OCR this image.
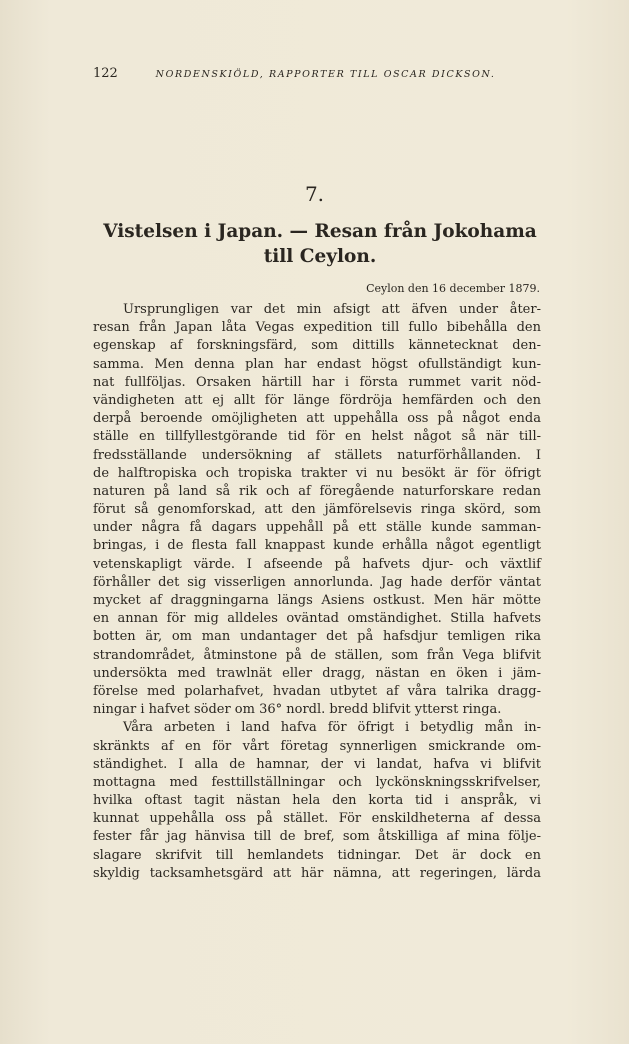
122	NORDENSKIÖLD, RAPPORTER TILL OSCAR DICKSON.
7.
Vistelsen i Japan. — Resan från Jokohama
till Ceylon.
Ceylon den 16 december 1879.
Ursprungligen var det min afsigt att äfven under åter-
resan från Japan låta Vegas expedition till fullo bibehålla den
egenskap af forskningsfärd, som dittills kännetecknat den-
samma. Men denna plan har endast högst ofullständigt kun-
nat fullföljas. Orsaken härtill har i första rummet varit nöd-
vändigheten att ej allt för länge fördröja hemfärden och den
derpå beroende omöjligheten att uppehålla oss på något enda
ställe en tillfyllestgörande tid för en helst något så när till-
fredsställande undersökning af ställets naturförhållanden. I
de halftropiska och tropiska trakter vi nu besökt är för öfrigt
naturen på land så rik och af föregående naturforskare redan
förut så genomforskad, att den jämförelsevis ringa skörd, som
under några få dagars uppehåll på ett ställe kunde samman-
bringas, i de flesta fall knappast kunde erhålla något egentligt
vetenskapligt värde. I afseende på hafvets djur- och växtlif
förhåller det sig visserligen annorlunda. Jag hade derför väntat
mycket af draggningarna längs Asiens ostkust. Men här mötte
en annan för mig alldeles oväntad omständighet. Stilla hafvets
botten är, om man undantager det på hafsdjur temligen rika
strandområdet, åtminstone på de ställen, som från Vega blifvit
undersökta med trawlnät eller dragg, nästan en öken i jäm-
förelse med polarhafvet, hvadan utbytet af våra talrika dragg-
ningar i hafvet söder om 36° nordl. bredd blifvit ytterst ringa.
Våra arbeten i land hafva för öfrigt i betydlig mån in-
skränkts af en för vårt företag synnerligen smickrande om-
ständighet. I alla de hamnar, der vi landat, hafva vi blifvit
mottagna med festtillställningar och lyckönskningsskrifvelser,
hvilka oftast tagit nästan hela den korta tid i anspråk, vi
kunnat uppehålla oss på stället. För enskildheterna af dessa
fester får jag hänvisa till de bref, som åtskilliga af mina följe-
slagare skrifvit till hemlandets tidningar. Det är dock en
skyldig tacksamhetsgärd att här nämna, att regeringen, lärda
